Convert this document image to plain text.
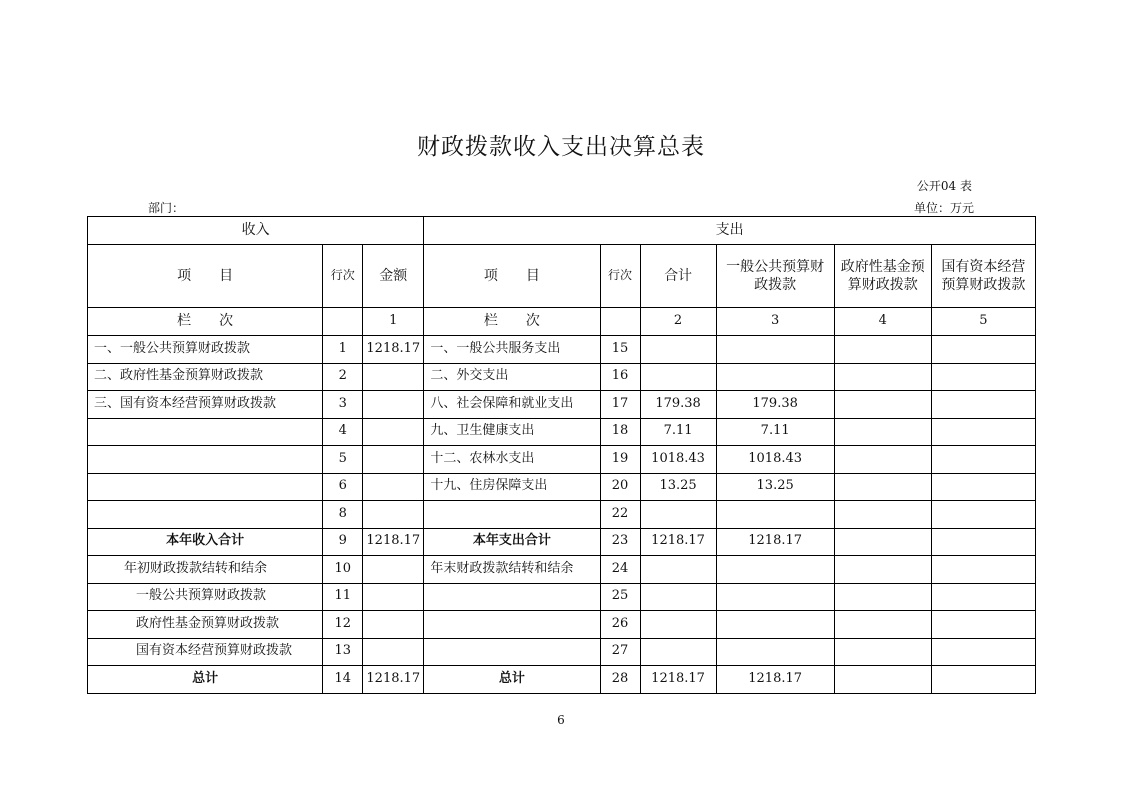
财政拨款收入支出决算总表
公开04 表
部门：	单位：万元
收入			支出					
项　　目	行次	金额	项　　目	行次	合计	一般公共预算财政拨款	政府性基金预算财政拨款	国有资本经营预算财政拨款
栏　　次		1	栏　　次		2	3	4	5
一、一般公共预算财政拨款	1	1218.17	一、一般公共服务支出	15				
二、政府性基金预算财政拨款	2		二、外交支出	16				
三、国有资本经营预算财政拨款	3		八、社会保障和就业支出	17	179.38	179.38		
	4		九、卫生健康支出	18	7.11	7.11		
	5		十二、农林水支出	19	1018.43	1018.43		
	6		十九、住房保障支出	20	13.25	13.25		
	8			22				
本年收入合计	9	1218.17	本年支出合计	23	1218.17	1218.17		
年初财政拨款结转和结余	10		年末财政拨款结转和结余	24				
一般公共预算财政拨款	11			25				
政府性基金预算财政拨款	12			26				
国有资本经营预算财政拨款	13			27				
总计	14	1218.17	总计	28	1218.17	1218.17		
6
